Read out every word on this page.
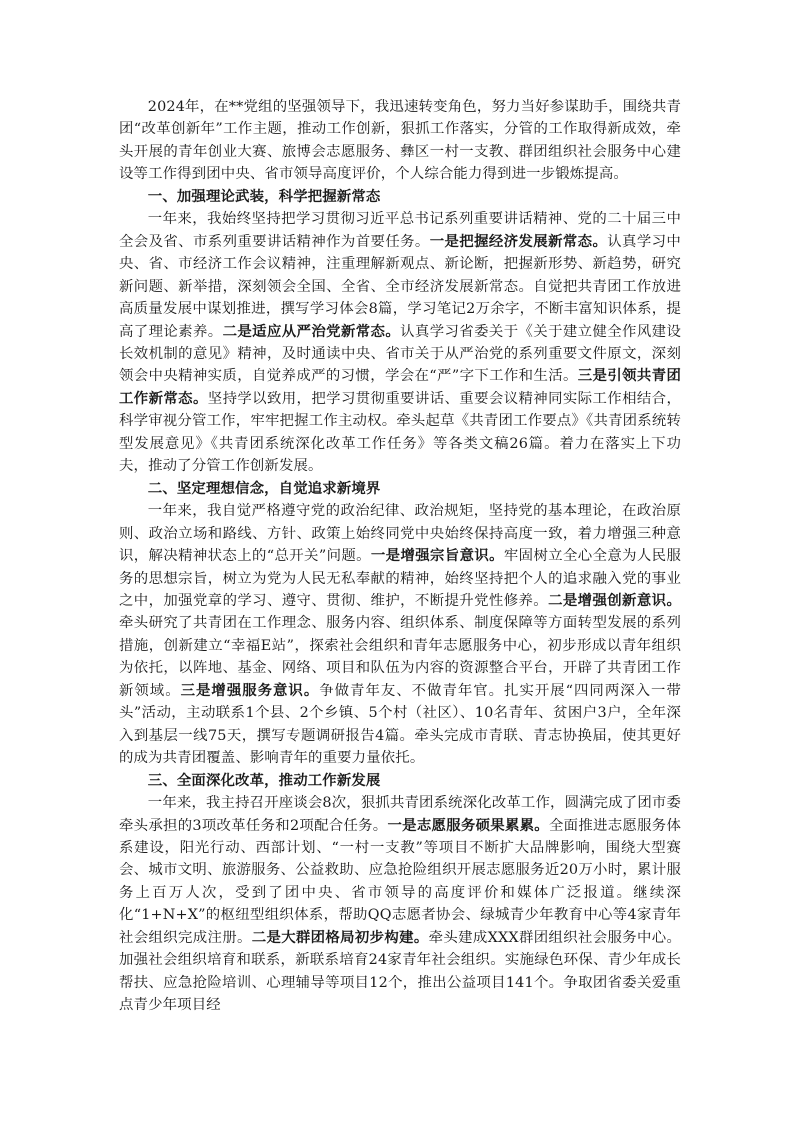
2024年，在**党组的坚强领导下，我迅速转变角色，努力当好参谋助手，围绕共青团“改革创新年”工作主题，推动工作创新，狠抓工作落实，分管的工作取得新成效，牵头开展的青年创业大赛、旅博会志愿服务、彝区一村一支教、群团组织社会服务中心建设等工作得到团中央、省市领导高度评价，个人综合能力得到进一步锻炼提高。

一、加强理论武装，科学把握新常态

一年来，我始终坚持把学习贯彻习近平总书记系列重要讲话精神、党的二十届三中全会及省、市系列重要讲话精神作为首要任务。一是把握经济发展新常态。认真学习中央、省、市经济工作会议精神，注重理解新观点、新论断，把握新形势、新趋势，研究新问题、新举措，深刻领会全国、全省、全市经济发展新常态。自觉把共青团工作放进高质量发展中谋划推进，撰写学习体会8篇，学习笔记2万余字，不断丰富知识体系，提高了理论素养。二是适应从严治党新常态。认真学习省委关于《关于建立健全作风建设长效机制的意见》精神，及时通读中央、省市关于从严治党的系列重要文件原文，深刻领会中央精神实质，自觉养成严的习惯，学会在“严”字下工作和生活。三是引领共青团工作新常态。坚持学以致用，把学习贯彻重要讲话、重要会议精神同实际工作相结合，科学审视分管工作，牢牢把握工作主动权。牵头起草《共青团工作要点》《共青团系统转型发展意见》《共青团系统深化改革工作任务》等各类文稿26篇。着力在落实上下功夫，推动了分管工作创新发展。

二、坚定理想信念，自觉追求新境界

一年来，我自觉严格遵守党的政治纪律、政治规矩，坚持党的基本理论，在政治原则、政治立场和路线、方针、政策上始终同党中央始终保持高度一致，着力增强三种意识，解决精神状态上的“总开关”问题。一是增强宗旨意识。牢固树立全心全意为人民服务的思想宗旨，树立为党为人民无私奉献的精神，始终坚持把个人的追求融入党的事业之中，加强党章的学习、遵守、贯彻、维护，不断提升党性修养。二是增强创新意识。牵头研究了共青团在工作理念、服务内容、组织体系、制度保障等方面转型发展的系列措施，创新建立“幸福E站”，探索社会组织和青年志愿服务中心，初步形成以青年组织为依托，以阵地、基金、网络、项目和队伍为内容的资源整合平台，开辟了共青团工作新领域。三是增强服务意识。争做青年友、不做青年官。扎实开展“四同两深入一带头”活动，主动联系1个县、2个乡镇、5个村（社区）、10名青年、贫困户3户，全年深入到基层一线75天，撰写专题调研报告4篇。牵头完成市青联、青志协换届，使其更好的成为共青团覆盖、影响青年的重要力量依托。

三、全面深化改革，推动工作新发展

一年来，我主持召开座谈会8次，狠抓共青团系统深化改革工作，圆满完成了团市委牵头承担的3项改革任务和2项配合任务。一是志愿服务硕果累累。全面推进志愿服务体系建设，阳光行动、西部计划、“一村一支教”等项目不断扩大品牌影响，围绕大型赛会、城市文明、旅游服务、公益救助、应急抢险组织开展志愿服务近20万小时，累计服务上百万人次，受到了团中央、省市领导的高度评价和媒体广泛报道。继续深化“1+N+X”的枢纽型组织体系，帮助QQ志愿者协会、绿城青少年教育中心等4家青年社会组织完成注册。二是大群团格局初步构建。牵头建成XXX群团组织社会服务中心。加强社会组织培育和联系，新联系培育24家青年社会组织。实施绿色环保、青少年成长帮扶、应急抢险培训、心理辅导等项目12个，推出公益项目141个。争取团省委关爱重点青少年项目经
